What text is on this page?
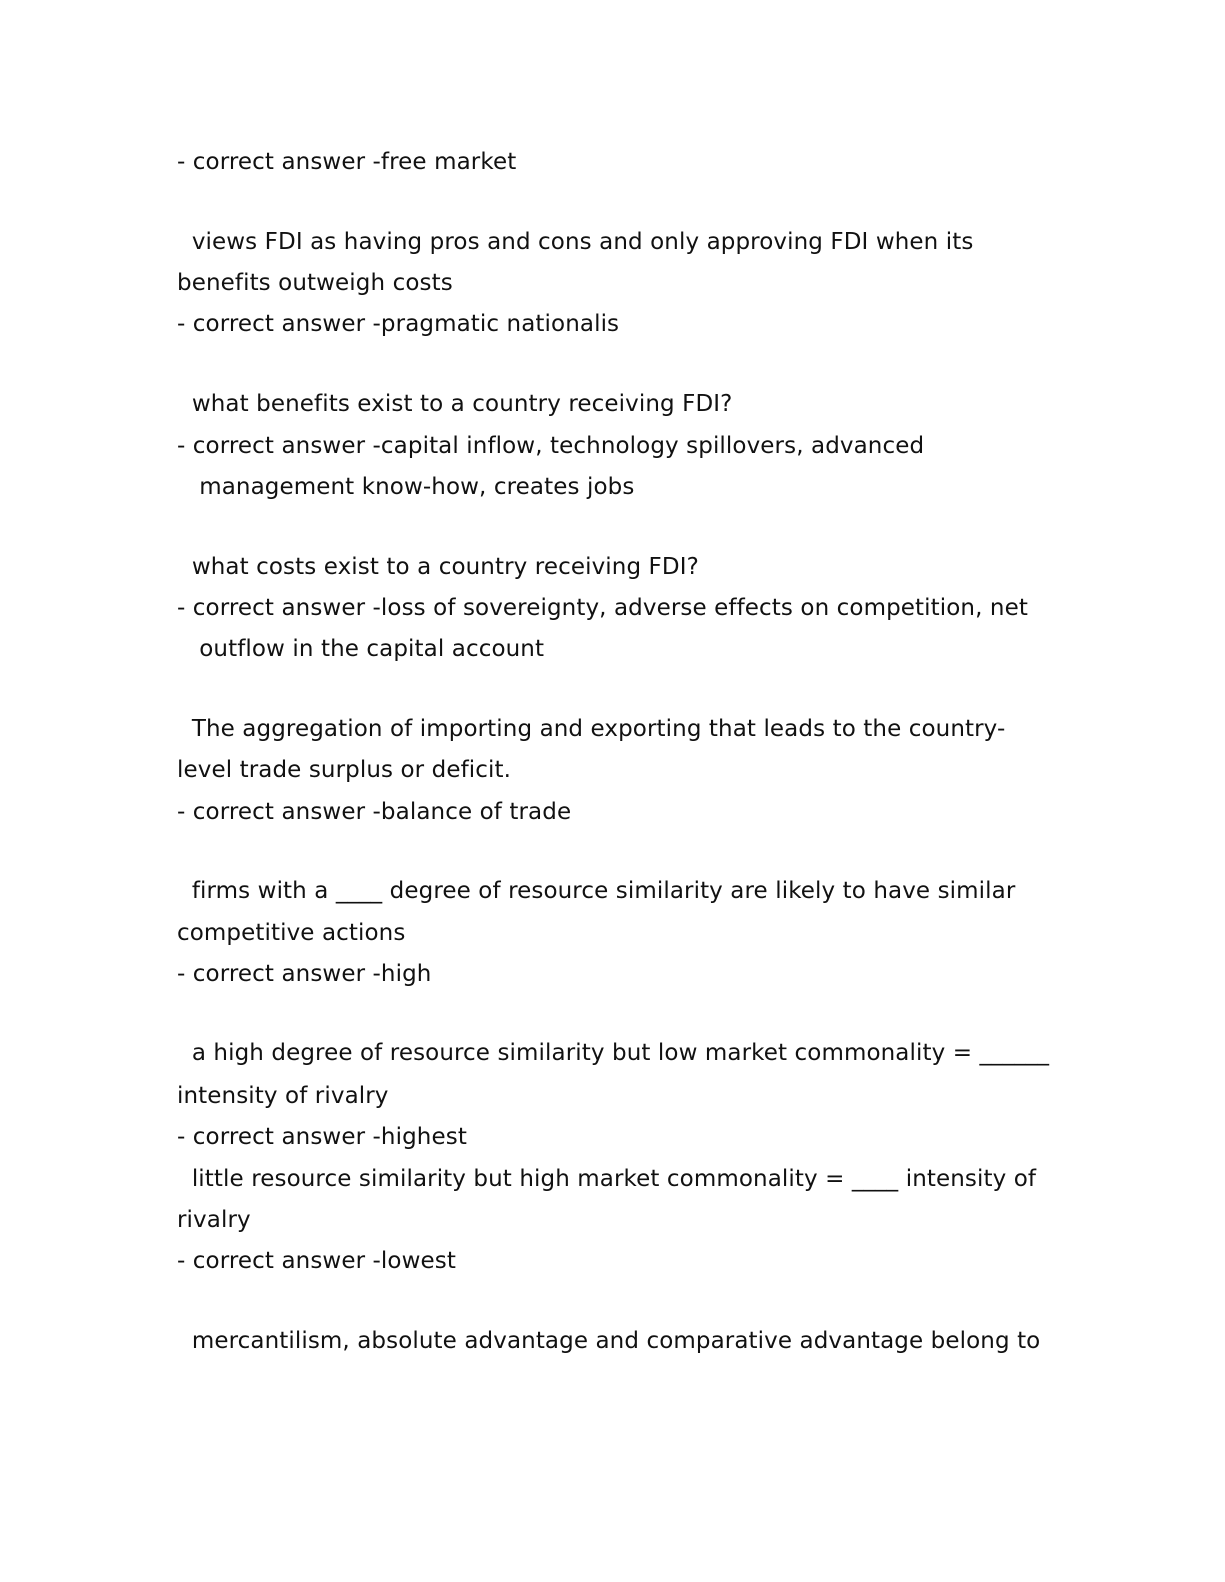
- correct answer -free market
views FDI as having pros and cons and only approving FDI when its
benefits outweigh costs
- correct answer -pragmatic nationalis
what benefits exist to a country receiving FDI?
- correct answer -capital inflow, technology spillovers, advanced
management know-how, creates jobs
what costs exist to a country receiving FDI?
- correct answer -loss of sovereignty, adverse effects on competition, net
outflow in the capital account
The aggregation of importing and exporting that leads to the country-
level trade surplus or deficit.
- correct answer -balance of trade
firms with a ____ degree of resource similarity are likely to have similar
competitive actions
- correct answer -high
a high degree of resource similarity but low market commonality = ______
intensity of rivalry
- correct answer -highest
little resource similarity but high market commonality = ____ intensity of
rivalry
- correct answer -lowest
mercantilism, absolute advantage and comparative advantage belong to
